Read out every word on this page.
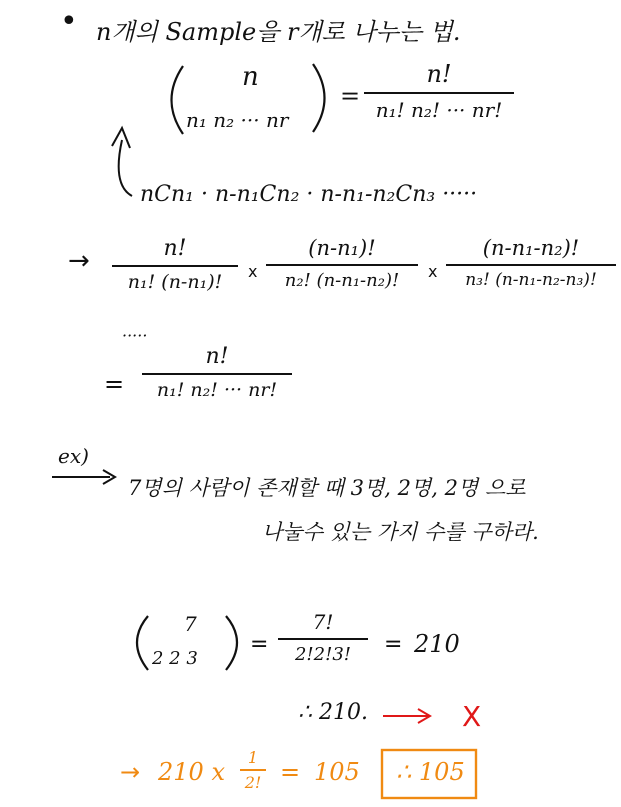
• n개의 Sample을 r개로 나누는 법.
n
n₁ n₂ ··· nr
=
n!
n₁! n₂! ··· nr!
nCn₁ · n-n₁Cn₂ · n-n₁-n₂Cn₃ ·····
→	n!
n₁! (n-n₁)! x
(n-n₁)!
n₂! (n-n₁-n₂)! x
(n-n₁-n₂)!
n₃! (n-n₁-n₂-n₃)!
·····
=
n!
n₁! n₂! ··· nr!
ex)
7명의 사람이 존재할 때 3명, 2명, 2명 으로
나눌수 있는 가지 수를 구하라.
7
2 2 3
=
7!
2!2!3! = 210
∴ 210.	X
→ 210 x
1
2! = 105 ∴ 105
